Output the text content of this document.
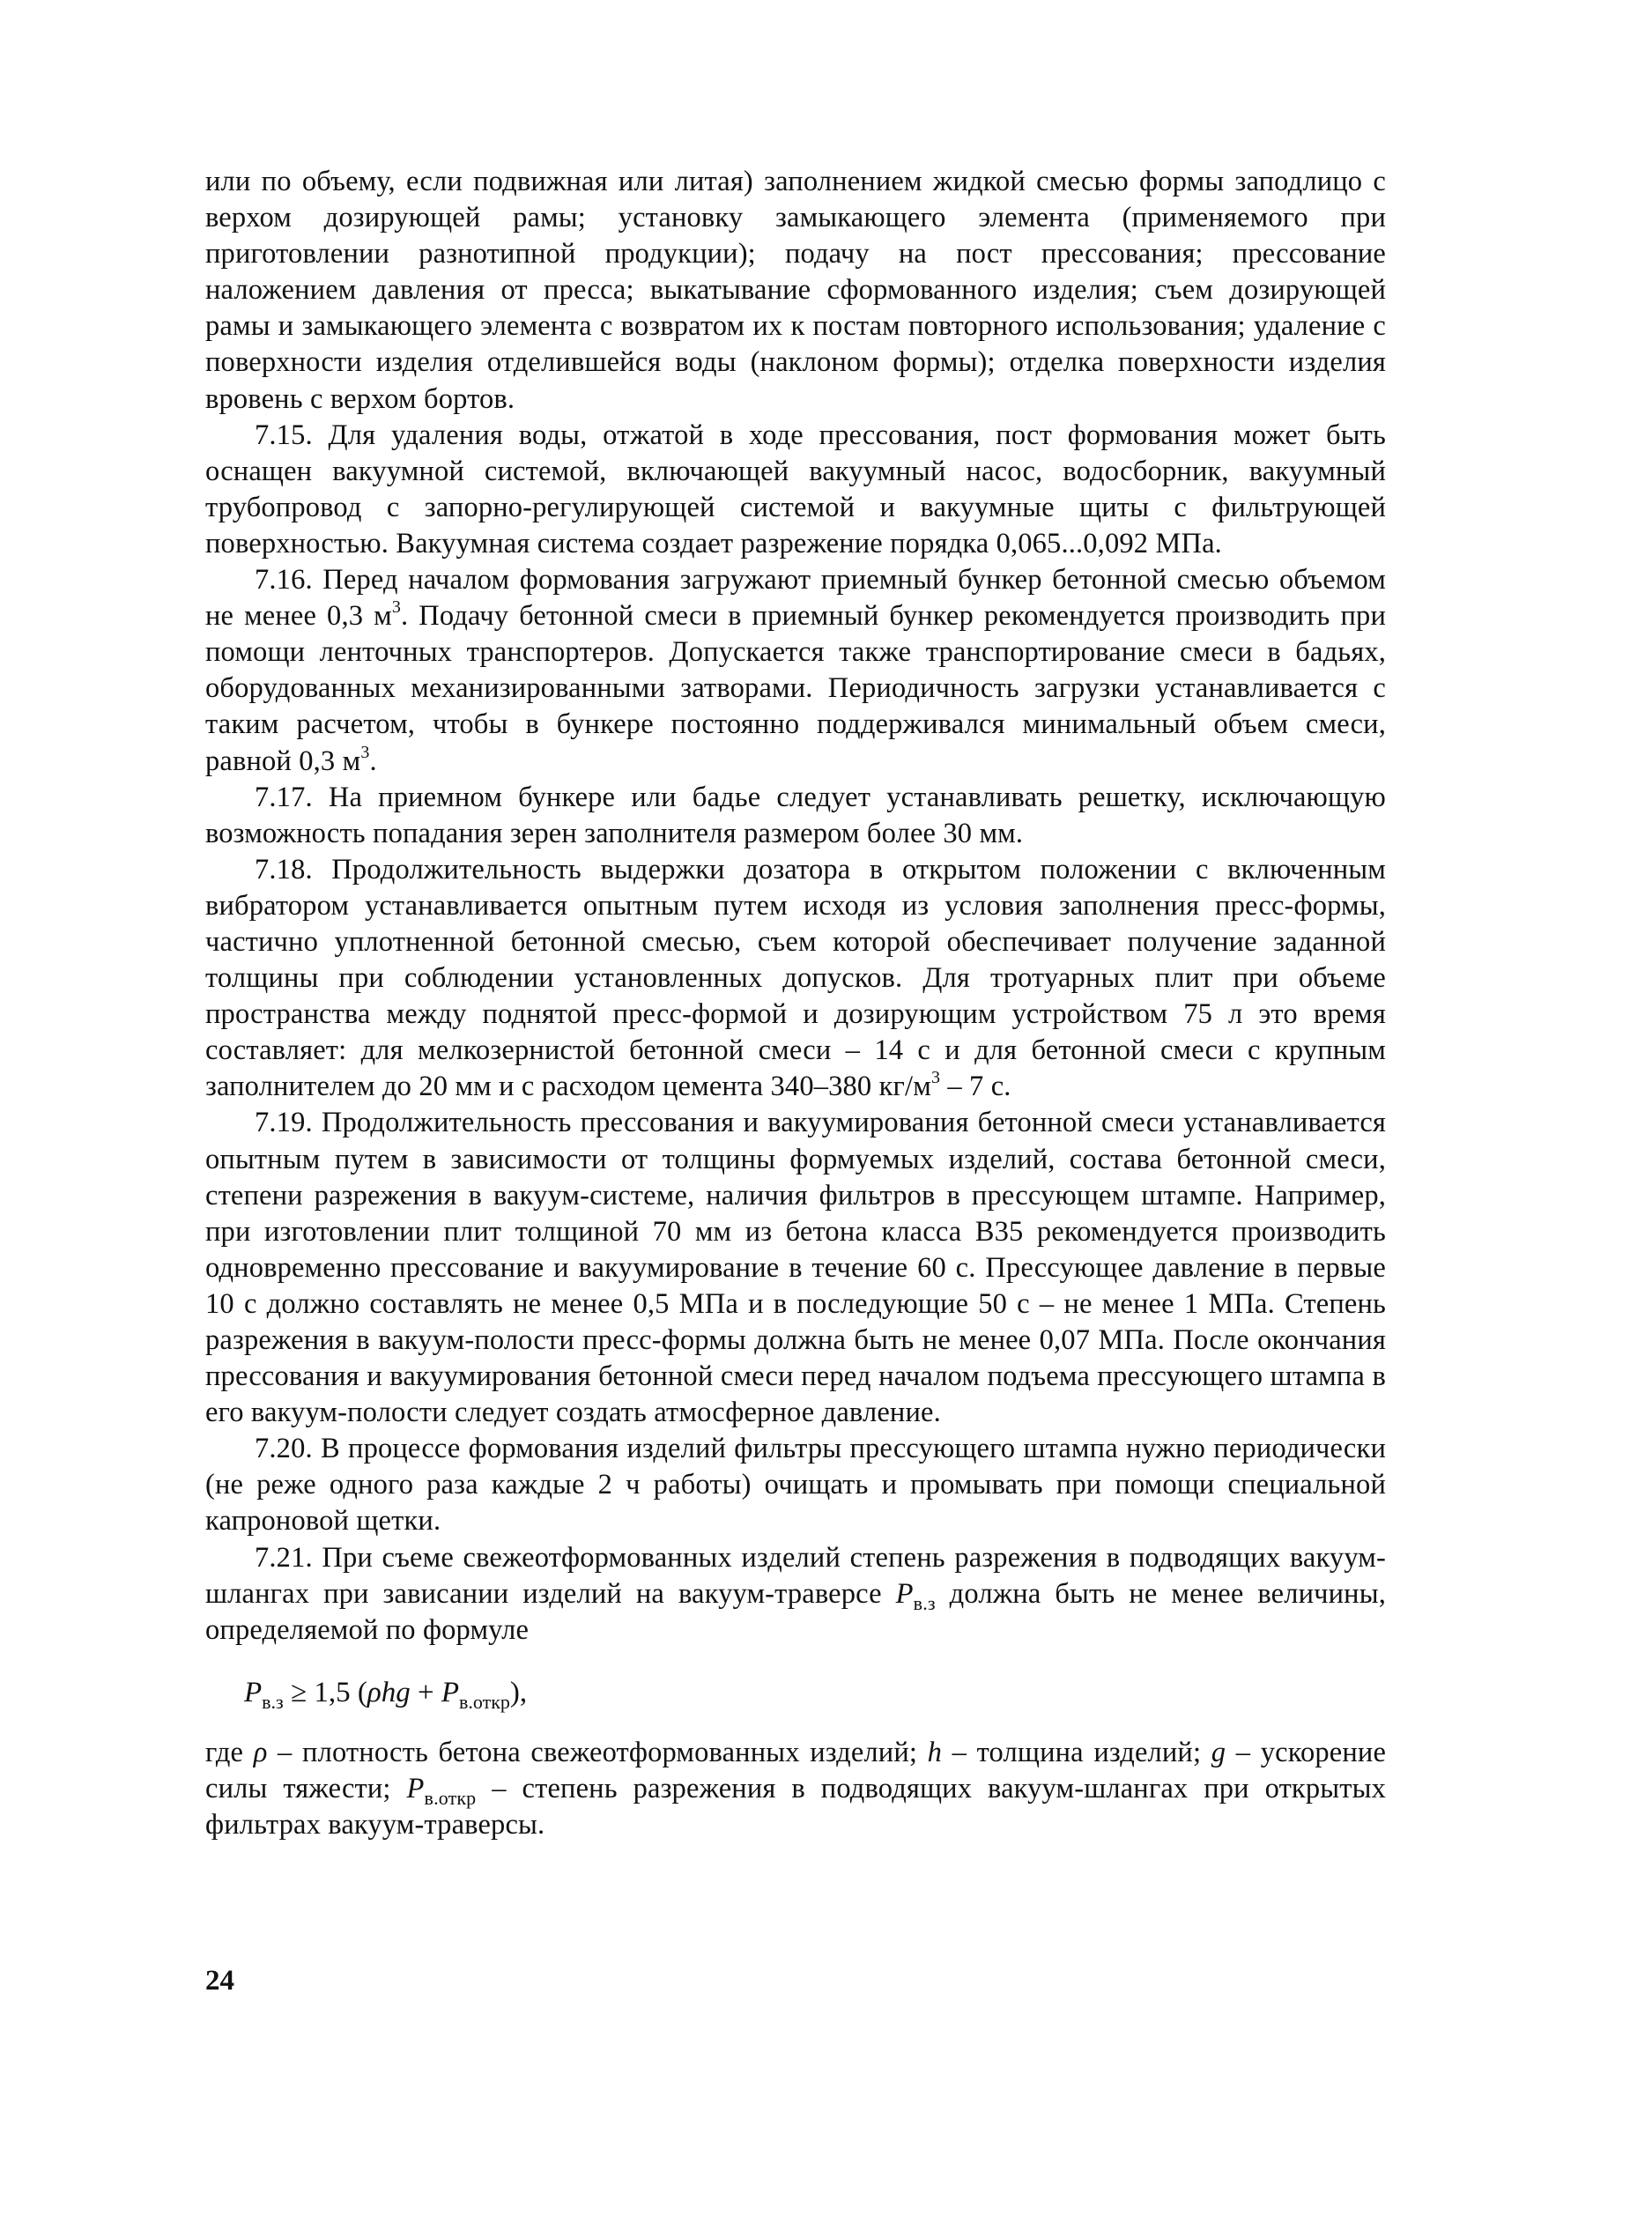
или по объему, если подвижная или литая) заполнением жидкой смесью формы заподлицо с верхом дозирующей рамы; установку замыкающего элемента (применяемого при приготовлении разнотипной продукции); подачу на пост прессования; прессование наложением давления от пресса; выкатывание сформованного изделия; съем дозирующей рамы и замыкающего элемента с возвратом их к постам повторного использования; удаление с поверхности изделия отделившейся воды (наклоном формы); отделка поверхности изделия вровень с верхом бортов.

7.15. Для удаления воды, отжатой в ходе прессования, пост формования может быть оснащен вакуумной системой, включающей вакуумный насос, водосборник, вакуумный трубопровод с запорно-регулирующей системой и вакуумные щиты с фильтрующей поверхностью. Вакуумная система создает разрежение порядка 0,065...0,092 МПа.

7.16. Перед началом формования загружают приемный бункер бетонной смесью объемом не менее 0,3 $м^3$. Подачу бетонной смеси в приемный бункер рекомендуется производить при помощи ленточных транспортеров. Допускается также транспортирование смеси в бадьях, оборудованных механизированными затворами. Периодичность загрузки устанавливается с таким расчетом, чтобы в бункере постоянно поддерживался минимальный объем смеси, равной 0,3 $м^3$.

7.17. На приемном бункере или бадье следует устанавливать решетку, исключающую возможность попадания зерен заполнителя размером более 30 мм.

7.18. Продолжительность выдержки дозатора в открытом положении с включенным вибратором устанавливается опытным путем исходя из условия заполнения пресс-формы, частично уплотненной бетонной смесью, съем которой обеспечивает получение заданной толщины при соблюдении установленных допусков. Для тротуарных плит при объеме пространства между поднятой пресс-формой и дозирующим устройством 75 л это время составляет: для мелкозернистой бетонной смеси – 14 с и для бетонной смеси с крупным заполнителем до 20 мм и с расходом цемента 340–380 $кг/м^3 - 7$ с.

7.19. Продолжительность прессования и вакуумирования бетонной смеси устанавливается опытным путем в зависимости от толщины формуемых изделий, состава бетонной смеси, степени разрежения в вакуум-системе, наличия фильтров в прессующем штампе. Например, при изготовлении плит толщиной 70 мм из бетона класса В35 рекомендуется производить одновременно прессование и вакуумирование в течение 60 с. Прессующее давление в первые 10 с должно составлять не менее 0,5 МПа и в последующие 50 с – не менее 1 МПа. Степень разрежения в вакуум-полости пресс-формы должна быть не менее 0,07 МПа. После окончания прессования и вакуумирования бетонной смеси перед началом подъема прессующего штампа в его вакуум-полости следует создать атмосферное давление.

7.20. В процессе формования изделий фильтры прессующего штампа нужно периодически (не реже одного раза каждые 2 ч работы) очищать и промывать при помощи специальной капроновой щетки.

7.21. При съеме свежеотформованных изделий степень разрежения в подводящих вакуум-шлангах при зависании изделий на вакуум-траверсе $P_{в.з}$ должна быть не менее величины, определяемой по формуле

$P_{в.з} \ge 1,5$ $(\rho hg + P_{в.откр})$,

где ρ – плотность бетона свежеотформованных изделий; h – толщина изделий; g – ускорение силы тяжести; $P_{в.откр}$ – степень разрежения в подводящих вакуум-шлангах при открытых фильтрах вакуум-траверсы.

24
